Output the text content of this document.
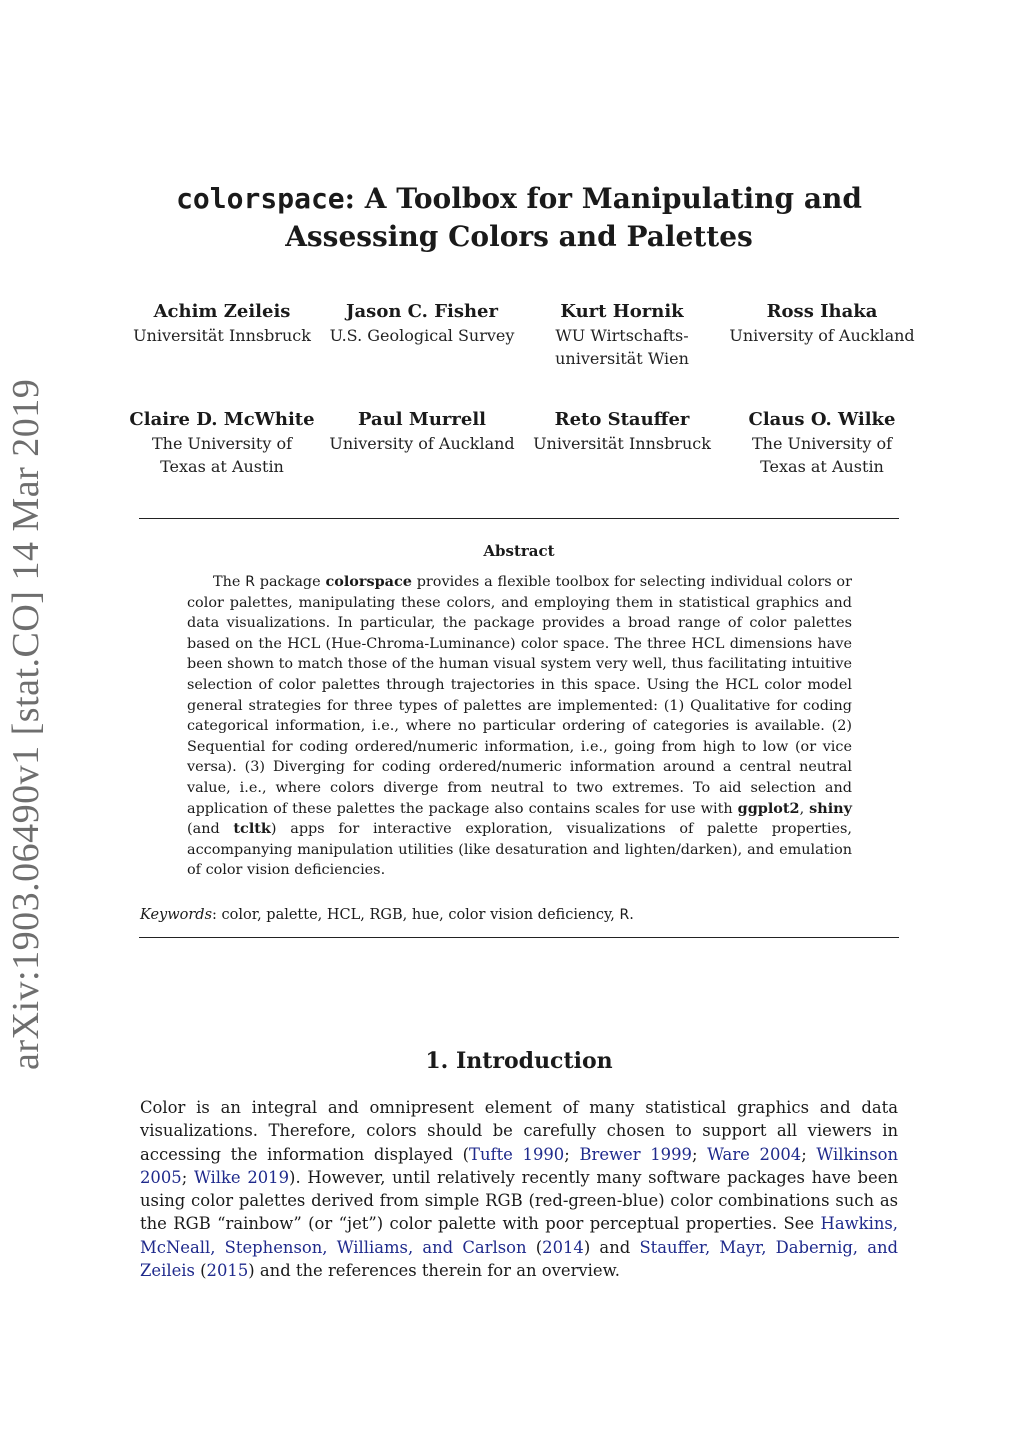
arXiv:1903.06490v1 [stat.CO] 14 Mar 2019
colorspace: A Toolbox for Manipulating and
Assessing Colors and Palettes
Achim Zeileis
Universität Innsbruck
Jason C. Fisher
U.S. Geological Survey
Kurt Hornik
WU Wirtschafts-
universität Wien
Ross Ihaka
University of Auckland
Claire D. McWhite
The University of
Texas at Austin
Paul Murrell
University of Auckland
Reto Stauffer
Universität Innsbruck
Claus O. Wilke
The University of
Texas at Austin
Abstract
The R package colorspace provides a flexible toolbox for selecting individual colors or color palettes, manipulating these colors, and employing them in statistical graphics and data visualizations. In particular, the package provides a broad range of color palettes based on the HCL (Hue-Chroma-Luminance) color space. The three HCL dimensions have been shown to match those of the human visual system very well, thus facilitating intuitive selection of color palettes through trajectories in this space. Using the HCL color model general strategies for three types of palettes are implemented: (1) Qualitative for coding categorical information, i.e., where no particular ordering of categories is available. (2) Sequential for coding ordered/numeric information, i.e., going from high to low (or vice versa). (3) Diverging for coding ordered/numeric information around a central neutral value, i.e., where colors diverge from neutral to two extremes. To aid selection and application of these palettes the package also contains scales for use with ggplot2, shiny (and tcltk) apps for interactive exploration, visualizations of palette properties, accompanying manipulation utilities (like desaturation and lighten/darken), and emulation of color vision deficiencies.
Keywords: color, palette, HCL, RGB, hue, color vision deficiency, R.
1. Introduction
Color is an integral and omnipresent element of many statistical graphics and data visualizations. Therefore, colors should be carefully chosen to support all viewers in accessing the information displayed (Tufte 1990; Brewer 1999; Ware 2004; Wilkinson 2005; Wilke 2019). However, until relatively recently many software packages have been using color palettes derived from simple RGB (red-green-blue) color combinations such as the RGB “rainbow” (or “jet”) color palette with poor perceptual properties. See Hawkins, McNeall, Stephenson, Williams, and Carlson (2014) and Stauffer, Mayr, Dabernig, and Zeileis (2015) and the references therein for an overview.
